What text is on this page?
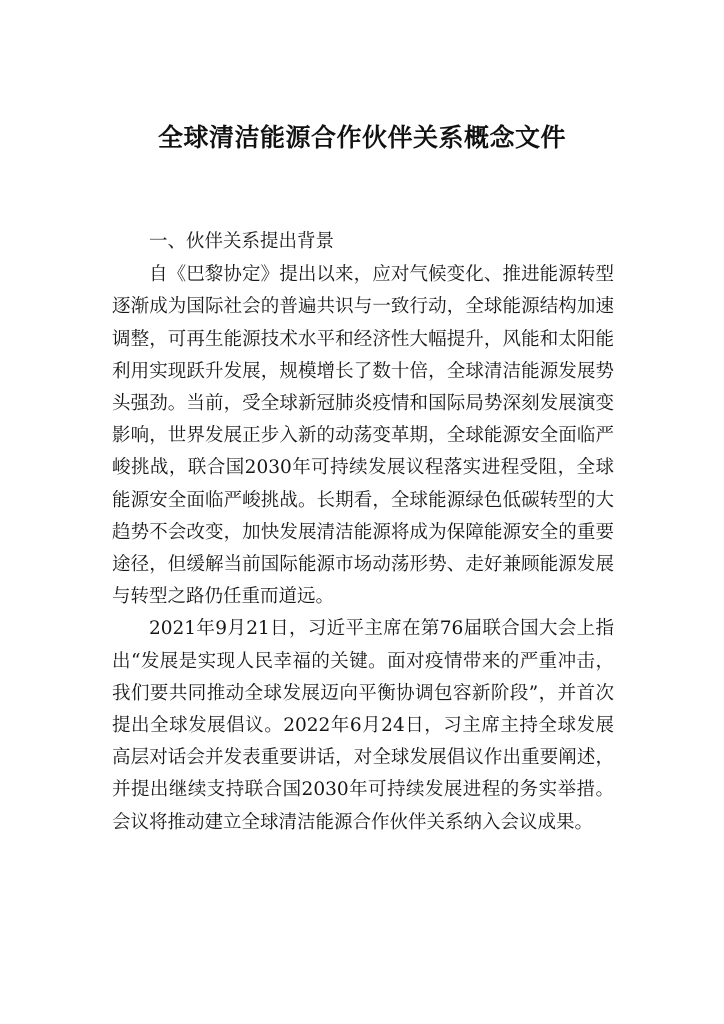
全球清洁能源合作伙伴关系概念文件

一、伙伴关系提出背景

自《巴黎协定》提出以来，应对气候变化、推进能源转型逐渐成为国际社会的普遍共识与一致行动，全球能源结构加速调整，可再生能源技术水平和经济性大幅提升，风能和太阳能利用实现跃升发展，规模增长了数十倍，全球清洁能源发展势头强劲。当前，受全球新冠肺炎疫情和国际局势深刻发展演变影响，世界发展正步入新的动荡变革期，全球能源安全面临严峻挑战，联合国2030年可持续发展议程落实进程受阻，全球能源安全面临严峻挑战。长期看，全球能源绿色低碳转型的大趋势不会改变，加快发展清洁能源将成为保障能源安全的重要途径，但缓解当前国际能源市场动荡形势、走好兼顾能源发展与转型之路仍任重而道远。

2021年9月21日，习近平主席在第76届联合国大会上指出“发展是实现人民幸福的关键。面对疫情带来的严重冲击，我们要共同推动全球发展迈向平衡协调包容新阶段”，并首次提出全球发展倡议。2022年6月24日，习主席主持全球发展高层对话会并发表重要讲话，对全球发展倡议作出重要阐述，并提出继续支持联合国2030年可持续发展进程的务实举措。会议将推动建立全球清洁能源合作伙伴关系纳入会议成果。
